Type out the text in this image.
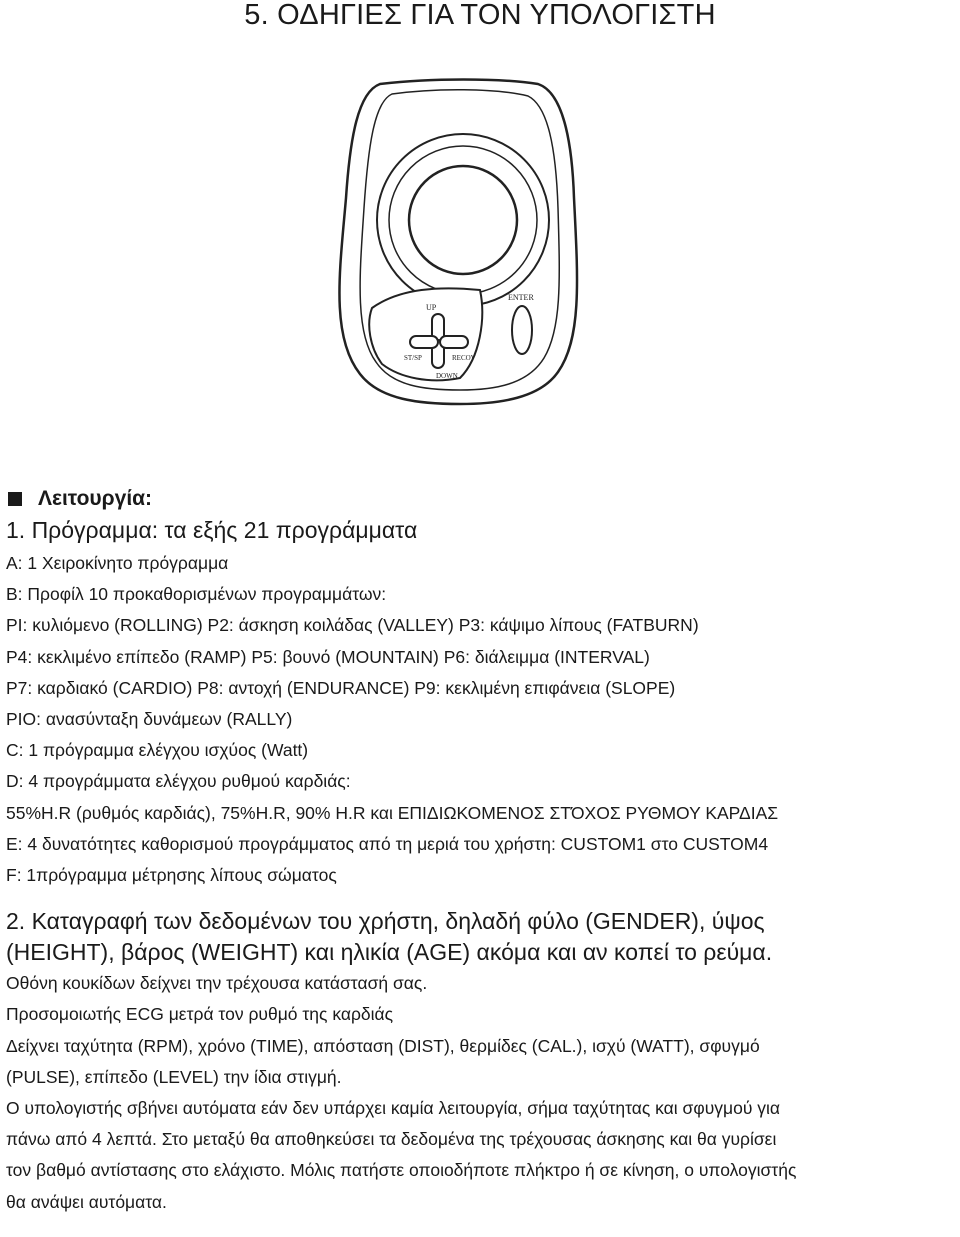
5. ΟΔΗΓΙΕΣ ΓΙΑ ΤΟΝ ΥΠΟΛΟΓΙΣΤΗ
UP
ST/SP	RECOV
DOWN
ENTER
Λειτουργία:
1. Πρόγραμμα: τα εξής 21 προγράμματα
A: 1 Χειροκίνητο πρόγραμμα
B: Προφίλ 10 προκαθορισμένων προγραμμάτων:
PI: κυλιόμενο (ROLLING) P2: άσκηση κοιλάδας (VALLEY) P3: κάψιμο λίπους (FATBURN)
P4: κεκλιμένο επίπεδο (RAMP) P5: βουνό (MOUNTAIN) P6: διάλειμμα (INTERVAL)
P7: καρδιακό (CARDIO) P8: αντοχή (ENDURANCE) P9: κεκλιμένη επιφάνεια (SLOPE)
PIO: ανασύνταξη δυνάμεων (RALLY)
C: 1 πρόγραμμα ελέγχου ισχύος (Watt)
D: 4 προγράμματα ελέγχου ρυθμού καρδιάς:
55%H.R (ρυθμός καρδιάς), 75%H.R, 90% H.R και ΕΠΙΔΙΩΚΟΜΕΝΟΣ ΣΤΌΧΟΣ ΡΥΘΜΟΥ ΚΑΡΔΙΑΣ
E: 4 δυνατότητες καθορισμού προγράμματος από τη μεριά του χρήστη: CUSTOM1 στο CUSTOM4
F: 1πρόγραμμα μέτρησης λίπους σώματος
2. Καταγραφή των δεδομένων του χρήστη, δηλαδή φύλο (GENDER), ύψος
(HEIGHT), βάρος (WEIGHT) και ηλικία (AGE) ακόμα και αν κοπεί το ρεύμα.
Οθόνη κουκίδων δείχνει την τρέχουσα κατάστασή σας.
Προσομοιωτής ECG μετρά τον ρυθμό της καρδιάς
Δείχνει ταχύτητα (RPM), χρόνο (TIME), απόσταση (DIST), θερμίδες (CAL.), ισχύ (WATT), σφυγμό
(PULSE), επίπεδο (LEVEL) την ίδια στιγμή.
Ο υπολογιστής σβήνει αυτόματα εάν δεν υπάρχει καμία λειτουργία, σήμα ταχύτητας και σφυγμού για
πάνω από 4 λεπτά. Στο μεταξύ θα αποθηκεύσει τα δεδομένα της τρέχουσας άσκησης και θα γυρίσει
τον βαθμό αντίστασης στο ελάχιστο. Μόλις πατήστε οποιοδήποτε πλήκτρο ή σε κίνηση, ο υπολογιστής
θα ανάψει αυτόματα.
